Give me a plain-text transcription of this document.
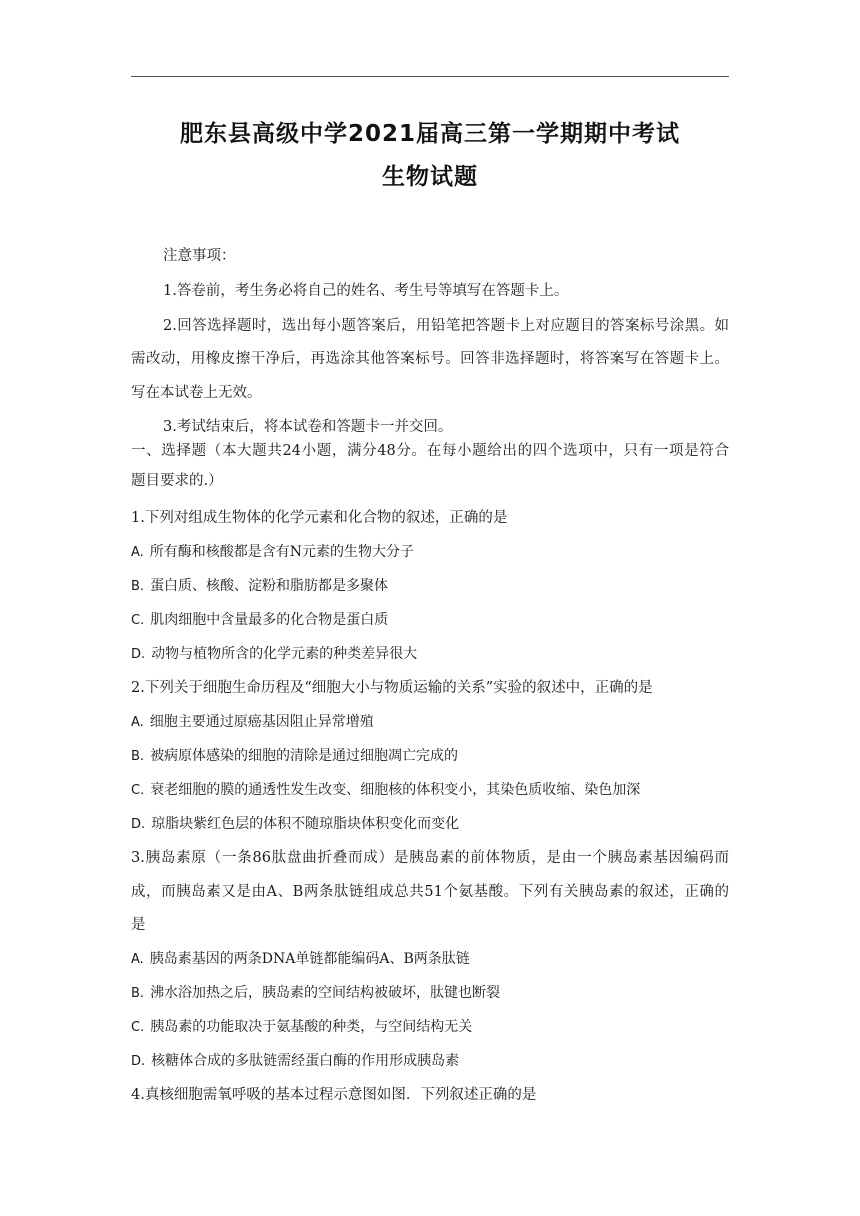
肥东县高级中学2021届高三第一学期期中考试
生物试题
注意事项：
1.答卷前，考生务必将自己的姓名、考生号等填写在答题卡上。
2.回答选择题时，选出每小题答案后，用铅笔把答题卡上对应题目的答案标号涂黑。如
需改动，用橡皮擦干净后，再选涂其他答案标号。回答非选择题时，将答案写在答题卡上。
写在本试卷上无效。
3.考试结束后，将本试卷和答题卡一并交回。
一、选择题（本大题共24小题，满分48分。在每小题给出的四个选项中，只有一项是符合
题目要求的.）
1.下列对组成生物体的化学元素和化合物的叙述，正确的是
A. 所有酶和核酸都是含有N元素的生物大分子
B. 蛋白质、核酸、淀粉和脂肪都是多聚体
C. 肌肉细胞中含量最多的化合物是蛋白质
D. 动物与植物所含的化学元素的种类差异很大
2.下列关于细胞生命历程及“细胞大小与物质运输的关系”实验的叙述中，正确的是
A. 细胞主要通过原癌基因阻止异常增殖
B. 被病原体感染的细胞的清除是通过细胞凋亡完成的
C. 衰老细胞的膜的通透性发生改变、细胞核的体积变小，其染色质收缩、染色加深
D. 琼脂块紫红色层的体积不随琼脂块体积变化而变化
3.胰岛素原（一条86肽盘曲折叠而成）是胰岛素的前体物质，是由一个胰岛素基因编码而
成，而胰岛素又是由A、B两条肽链组成总共51个氨基酸。下列有关胰岛素的叙述，正确的
是
A. 胰岛素基因的两条DNA单链都能编码A、B两条肽链
B. 沸水浴加热之后，胰岛素的空间结构被破坏，肽键也断裂
C. 胰岛素的功能取决于氨基酸的种类，与空间结构无关
D. 核糖体合成的多肽链需经蛋白酶的作用形成胰岛素
4.真核细胞需氧呼吸的基本过程示意图如图．下列叙述正确的是
